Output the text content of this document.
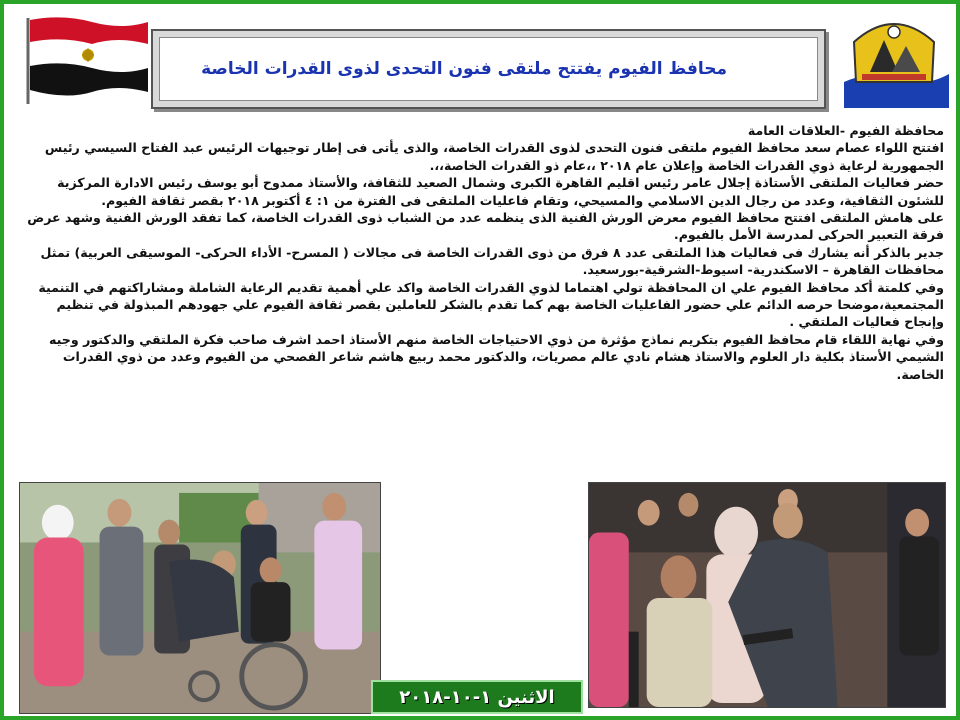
محافظ الفيوم يفتتح ملتقى فنون التحدى لذوى القدرات الخاصة

محافظة الفيوم -العلاقات العامة

افتتح اللواء عصام سعد محافظ الفيوم ملتقى فنون التحدى لذوى القدرات الخاصة، والذى يأتى فى إطار توجيهات الرئيس عبد الفتاح السيسي رئيس الجمهورية لرعاية ذوي القدرات الخاصة وإعلان عام ٢٠١٨ ،،عام ذو القدرات الخاصة،،.

حضر فعاليات الملتقى الأستاذة إجلال عامر رئيس اقليم القاهرة الكبرى وشمال الصعيد للثقافة، والأستاذ ممدوح أبو يوسف رئيس الادارة المركزية للشئون الثقافية، وعدد من رجال الدين الاسلامي والمسيحي، وتقام فاعليات الملتقى فى الفترة من ١: ٤ أكتوبر ٢٠١٨ بقصر ثقافة الفيوم.

على هامش الملتقى افتتح محافظ الفيوم معرض الورش الفنية الذى ينظمه عدد من الشباب ذوى القدرات الخاصة، كما تفقد الورش الفنية وشهد عرض فرقة التعبير الحركى لمدرسة الأمل بالفيوم.

جدير بالذكر أنه يشارك فى فعاليات هذا الملتقى عدد ٨ فرق من ذوى القدرات الخاصة فى مجالات ( المسرح- الأداء الحركى- الموسيقى العربية) تمثل محافظات القاهرة – الاسكندرية- اسيوط-الشرقية-بورسعيد.

وفي كلمتة أكد محافظ الفيوم علي ان المحافظة تولي اهتماما لذوي القدرات الخاصة واكد علي أهمية تقديم الرعاية الشاملة ومشاراكتهم في التنمية المجتمعية،موضحا حرصه الدائم علي حضور الفاعليات الخاصة بهم كما تقدم بالشكر للعاملين بقصر ثقافة الفيوم علي جهودهم المبذولة في تنظيم وإنجاح فعاليات الملتقي .

وفي نهاية اللقاء قام محافظ الفيوم بتكريم نماذج مؤثرة من ذوي الاحتياجات الخاصة منهم الأستاذ احمد اشرف صاحب فكرة الملتقي والدكتور وجيه الشيمي الأستاذ بكلية دار العلوم والاستاذ هشام نادي عالم مصريات، والدكتور محمد ربيع هاشم شاعر الفصحي من الفيوم وعدد من ذوي القدرات الخاصة.

الاثنين ١-١٠-٢٠١٨
